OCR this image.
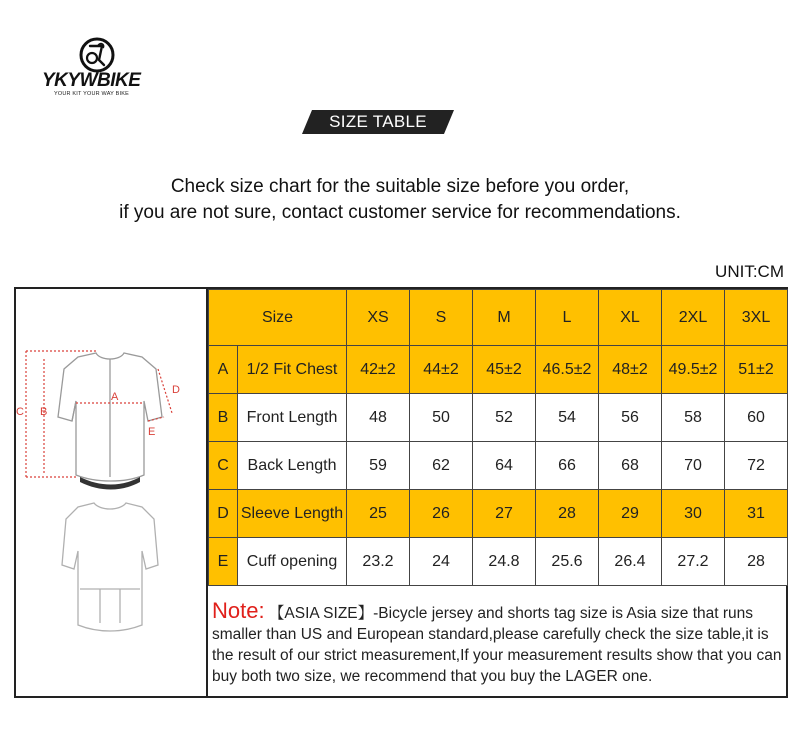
YKYWBIKE
YOUR KIT YOUR WAY BIKE
SIZE TABLE
Check size chart for the suitable size before you order,
if you are not sure, contact customer service for recommendations.
UNIT:CM
C B
A
D
E
Size		XS	S	M	L	XL	2XL	3XL
A	1/2 Fit Chest	42±2	44±2	45±2	46.5±2	48±2	49.5±2	51±2
B	Front Length	48	50	52	54	56	58	60
C	Back Length	59	62	64	66	68	70	72
D	Sleeve Length	25	26	27	28	29	30	31
E	Cuff opening	23.2	24	24.8	25.6	26.4	27.2	28
Note: 【ASIA SIZE】-Bicycle jersey and shorts tag size is Asia size that runs smaller than US and European standard,please carefully check the size table,it is the result of our strict measurement,If your measurement results show that you can buy both two size, we recommend that you buy the LAGER one.
